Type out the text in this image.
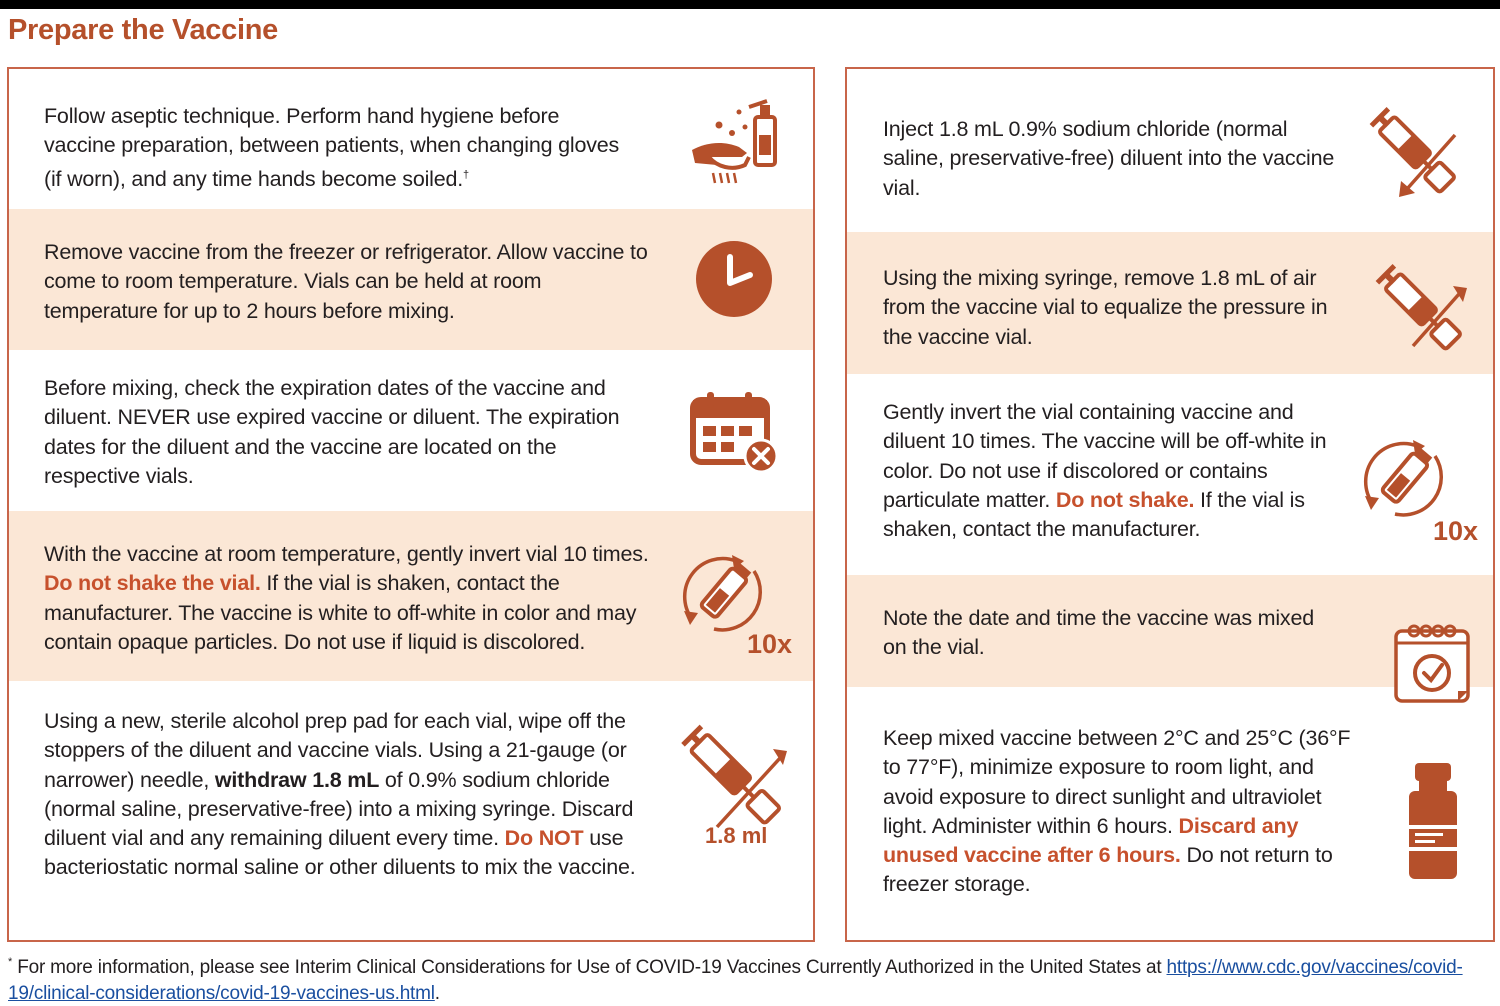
Prepare the Vaccine
Follow aseptic technique. Perform hand hygiene before vaccine preparation, between patients, when changing gloves (if worn), and any time hands become soiled.†
Remove vaccine from the freezer or refrigerator. Allow vaccine to come to room temperature. Vials can be held at room temperature for up to 2 hours before mixing.
Before mixing, check the expiration dates of the vaccine and diluent. NEVER use expired vaccine or diluent. The expiration dates for the diluent and the vaccine are located on the respective vials.
With the vaccine at room temperature, gently invert vial 10 times. Do not shake the vial. If the vial is shaken, contact the manufacturer. The vaccine is white to off-white in color and may contain opaque particles. Do not use if liquid is discolored.	10x
Using a new, sterile alcohol prep pad for each vial, wipe off the stoppers of the diluent and vaccine vials. Using a 21-gauge (or narrower) needle, withdraw 1.8 mL of 0.9% sodium chloride (normal saline, preservative-free) into a mixing syringe. Discard diluent vial and any remaining diluent every time. Do NOT use bacteriostatic normal saline or other diluents to mix the vaccine.
1.8 ml
Inject 1.8 mL 0.9% sodium chloride (normal saline, preservative-free) diluent into the vaccine vial.
Using the mixing syringe, remove 1.8 mL of air from the vaccine vial to equalize the pressure in the vaccine vial.
Gently invert the vial containing vaccine and diluent 10 times. The vaccine will be off-white in color. Do not use if discolored or contains particulate matter. Do not shake. If the vial is shaken, contact the manufacturer.	10x
Note the date and time the vaccine was mixed on the vial.
Keep mixed vaccine between 2°C and 25°C (36°F to 77°F), minimize exposure to room light, and avoid exposure to direct sunlight and ultraviolet light. Administer within 6 hours. Discard any unused vaccine after 6 hours. Do not return to freezer storage.
* For more information, please see Interim Clinical Considerations for Use of COVID-19 Vaccines Currently Authorized in the United States at https://www.cdc.gov/vaccines/covid-19/clinical-considerations/covid-19-vaccines-us.html.
